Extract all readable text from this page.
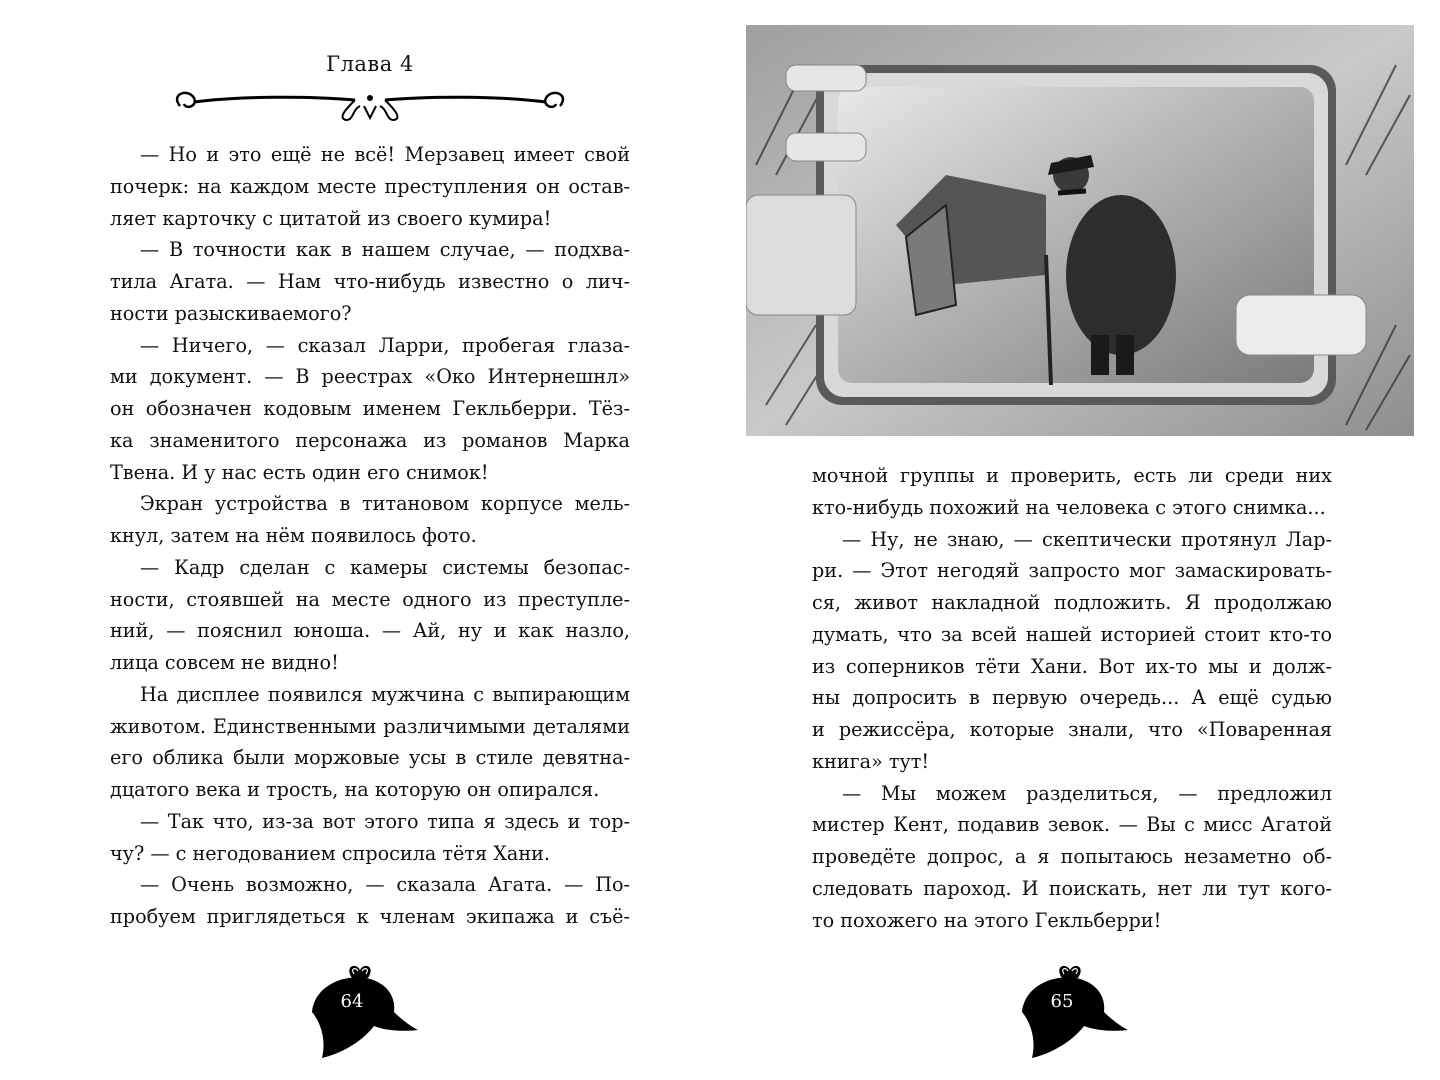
Глава 4

— Но и это ещё не всё! Мерзавец имеет свой

почерк: на каждом месте преступления он остав-

ляет карточку с цитатой из своего кумира!

— В точности как в нашем случае, — подхва-

тила Агата. — Нам что-нибудь известно о лич-

ности разыскиваемого?

— Ничего, — сказал Ларри, пробегая глаза-

ми документ. — В реестрах «Око Интернешнл»

он обозначен кодовым именем Гекльберри. Тёз-

ка знаменитого персонажа из романов Марка

Твена. И у нас есть один его снимок!

Экран устройства в титановом корпусе мель-

кнул, затем на нём появилось фото.

— Кадр сделан с камеры системы безопас-

ности, стоявшей на месте одного из преступле-

ний, — пояснил юноша. — Ай, ну и как назло,

лица совсем не видно!

На дисплее появился мужчина с выпирающим

животом. Единственными различимыми деталями

его облика были моржовые усы в стиле девятна-

дцатого века и трость, на которую он опирался.

— Так что, из-за вот этого типа я здесь и тор-

чу? — с негодованием спросила тётя Хани.

— Очень возможно, — сказала Агата. — По-

пробуем приглядеться к членам экипажа и съё-

64

мочной группы и проверить, есть ли среди них

кто-нибудь похожий на человека с этого снимка...

— Ну, не знаю, — скептически протянул Лар-

ри. — Этот негодяй запросто мог замаскировать-

ся, живот накладной подложить. Я продолжаю

думать, что за всей нашей историей стоит кто-то

из соперников тёти Хани. Вот их-то мы и долж-

ны допросить в первую очередь... А ещё судью

и режиссёра, которые знали, что «Поваренная

книга» тут!

— Мы можем разделиться, — предложил

мистер Кент, подавив зевок. — Вы с мисс Агатой

проведёте допрос, а я попытаюсь незаметно об-

следовать пароход. И поискать, нет ли тут кого-

то похожего на этого Гекльберри!

65
